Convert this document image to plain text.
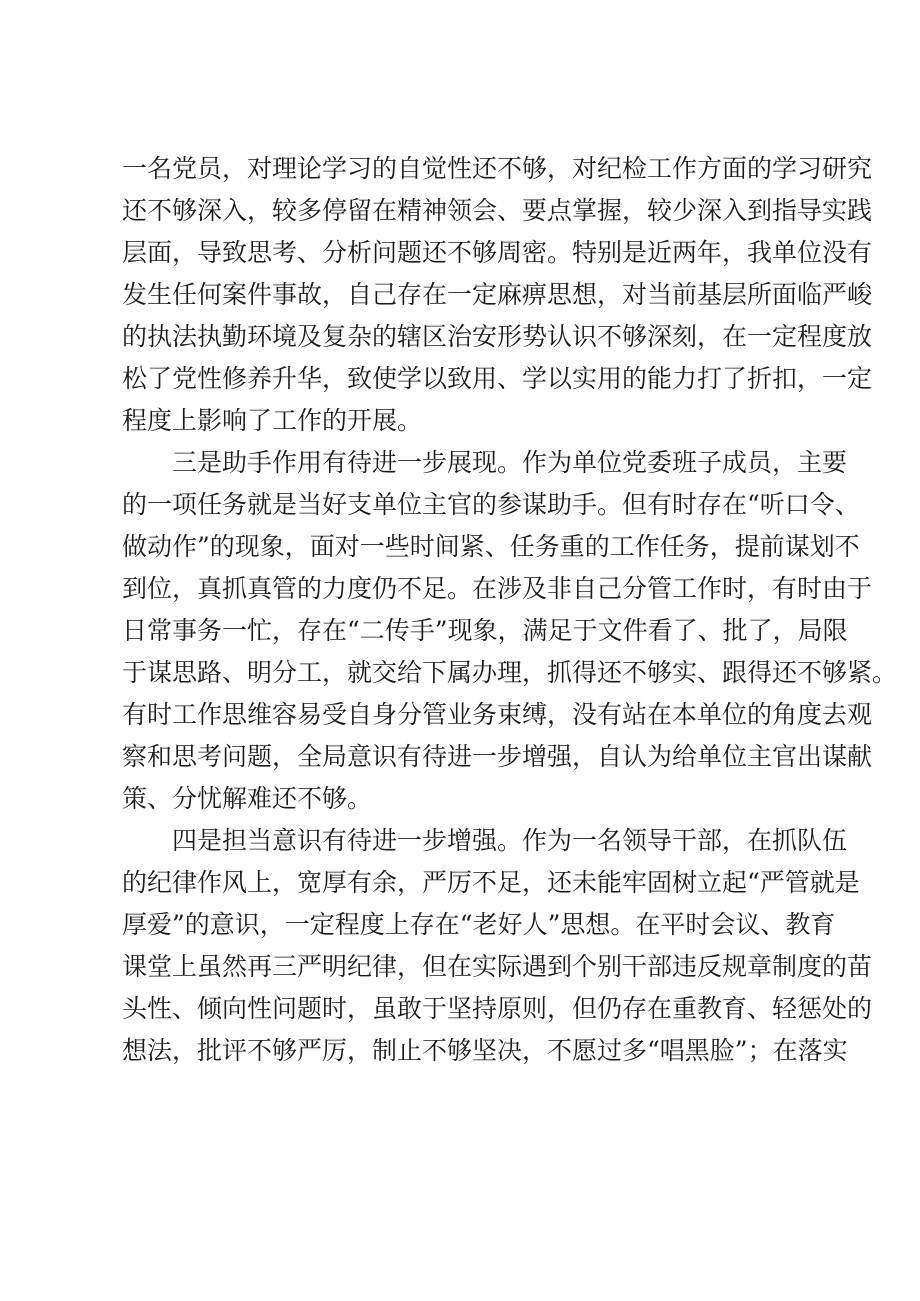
一名党员，对理论学习的自觉性还不够，对纪检工作方面的学习研究
还不够深入，较多停留在精神领会、要点掌握，较少深入到指导实践
层面，导致思考、分析问题还不够周密。特别是近两年，我单位没有
发生任何案件事故，自己存在一定麻痹思想，对当前基层所面临严峻
的执法执勤环境及复杂的辖区治安形势认识不够深刻，在一定程度放
松了党性修养升华，致使学以致用、学以实用的能力打了折扣，一定
程度上影响了工作的开展。
三是助手作用有待进一步展现。作为单位党委班子成员，主要
的一项任务就是当好支单位主官的参谋助手。但有时存在“听口令、
做动作”的现象，面对一些时间紧、任务重的工作任务，提前谋划不
到位，真抓真管的力度仍不足。在涉及非自己分管工作时，有时由于
日常事务一忙，存在“二传手”现象，满足于文件看了、批了，局限
于谋思路、明分工，就交给下属办理，抓得还不够实、跟得还不够紧。
有时工作思维容易受自身分管业务束缚，没有站在本单位的角度去观
察和思考问题，全局意识有待进一步增强，自认为给单位主官出谋献
策、分忧解难还不够。
四是担当意识有待进一步增强。作为一名领导干部，在抓队伍
的纪律作风上，宽厚有余，严厉不足，还未能牢固树立起“严管就是
厚爱”的意识，一定程度上存在“老好人”思想。在平时会议、教育
课堂上虽然再三严明纪律，但在实际遇到个别干部违反规章制度的苗
头性、倾向性问题时，虽敢于坚持原则，但仍存在重教育、轻惩处的
想法，批评不够严厉，制止不够坚决，不愿过多“唱黑脸”；在落实
